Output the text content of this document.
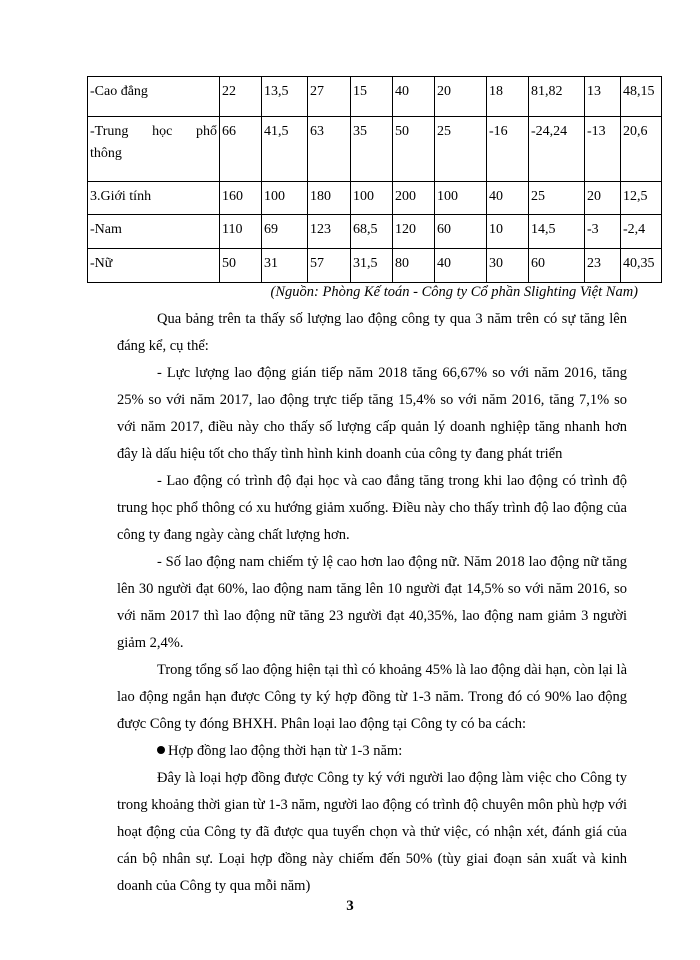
-Cao đẳng	22	13,5	27	15	40	20	18	81,82	13	48,15

-Trung học phổ
thông	66	41,5	63	35	50	25	-16	-24,24	-13	20,6
3.Giới tính	160	100	180	100	200	100	40	25	20	12,5
-Nam	110	69	123	68,5	120	60	10	14,5	-3	-2,4
-Nữ	50	31	57	31,5	80	40	30	60	23	40,35
(Nguồn: Phòng Kế toán - Công ty Cổ phần Slighting Việt Nam)

Qua bảng trên ta thấy số lượng lao động công ty qua 3 năm trên có sự tăng lên đáng kể, cụ thể:

- Lực lượng lao động gián tiếp năm 2018 tăng 66,67% so với năm 2016, tăng 25% so với năm 2017, lao động trực tiếp tăng 15,4% so với năm 2016, tăng 7,1% so với năm 2017, điều này cho thấy số lượng cấp quản lý doanh nghiệp tăng nhanh hơn đây là dấu hiệu tốt cho thấy tình hình kinh doanh của công ty đang phát triển

- Lao động có trình độ đại học và cao đẳng tăng trong khi lao động có trình độ trung học phổ thông có xu hướng giảm xuống. Điều này cho thấy trình độ lao động của công ty đang ngày càng chất lượng hơn.

- Số lao động nam chiếm tỷ lệ cao hơn lao động nữ. Năm 2018 lao động nữ tăng lên 30 người đạt 60%, lao động nam tăng lên 10 người đạt 14,5% so với năm 2016, so với năm 2017 thì lao động nữ tăng 23 người đạt 40,35%, lao động nam giảm 3 người giảm 2,4%.

Trong tổng số lao động hiện tại thì có khoảng 45% là lao động dài hạn, còn lại là lao động ngắn hạn được Công ty ký hợp đồng từ 1-3 năm. Trong đó có 90% lao động được Công ty đóng BHXH. Phân loại lao động tại Công ty có ba cách:

Hợp đồng lao động thời hạn từ 1-3 năm:

Đây là loại hợp đồng được Công ty ký với người lao động làm việc cho Công ty trong khoảng thời gian từ 1-3 năm, người lao động có trình độ chuyên môn phù hợp với hoạt động của Công ty đã được qua tuyển chọn và thử việc, có nhận xét, đánh giá của cán bộ nhân sự. Loại hợp đồng này chiếm đến 50% (tùy giai đoạn sản xuất và kinh doanh của Công ty qua mỗi năm)

3
